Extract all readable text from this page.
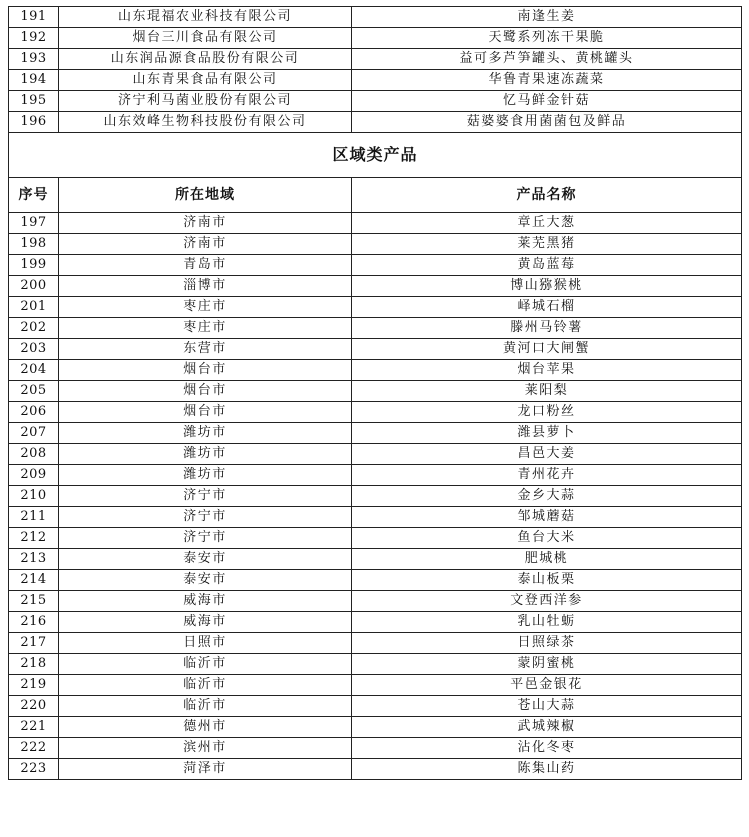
191	山东琨福农业科技有限公司	南逢生姜
192	烟台三川食品有限公司	天鹭系列冻干果脆
193	山东润品源食品股份有限公司	益可多芦笋罐头、黄桃罐头
194	山东青果食品有限公司	华鲁青果速冻蔬菜
195	济宁利马菌业股份有限公司	忆马鲜金针菇
196	山东效峰生物科技股份有限公司	菇婆婆食用菌菌包及鲜品
区域类产品		
序号	所在地域	产品名称
197	济南市	章丘大葱
198	济南市	莱芜黑猪
199	青岛市	黄岛蓝莓
200	淄博市	博山猕猴桃
201	枣庄市	峄城石榴
202	枣庄市	滕州马铃薯
203	东营市	黄河口大闸蟹
204	烟台市	烟台苹果
205	烟台市	莱阳梨
206	烟台市	龙口粉丝
207	潍坊市	潍县萝卜
208	潍坊市	昌邑大姜
209	潍坊市	青州花卉
210	济宁市	金乡大蒜
211	济宁市	邹城蘑菇
212	济宁市	鱼台大米
213	泰安市	肥城桃
214	泰安市	泰山板栗
215	威海市	文登西洋参
216	威海市	乳山牡蛎
217	日照市	日照绿茶
218	临沂市	蒙阴蜜桃
219	临沂市	平邑金银花
220	临沂市	苍山大蒜
221	德州市	武城辣椒
222	滨州市	沾化冬枣
223	菏泽市	陈集山药
